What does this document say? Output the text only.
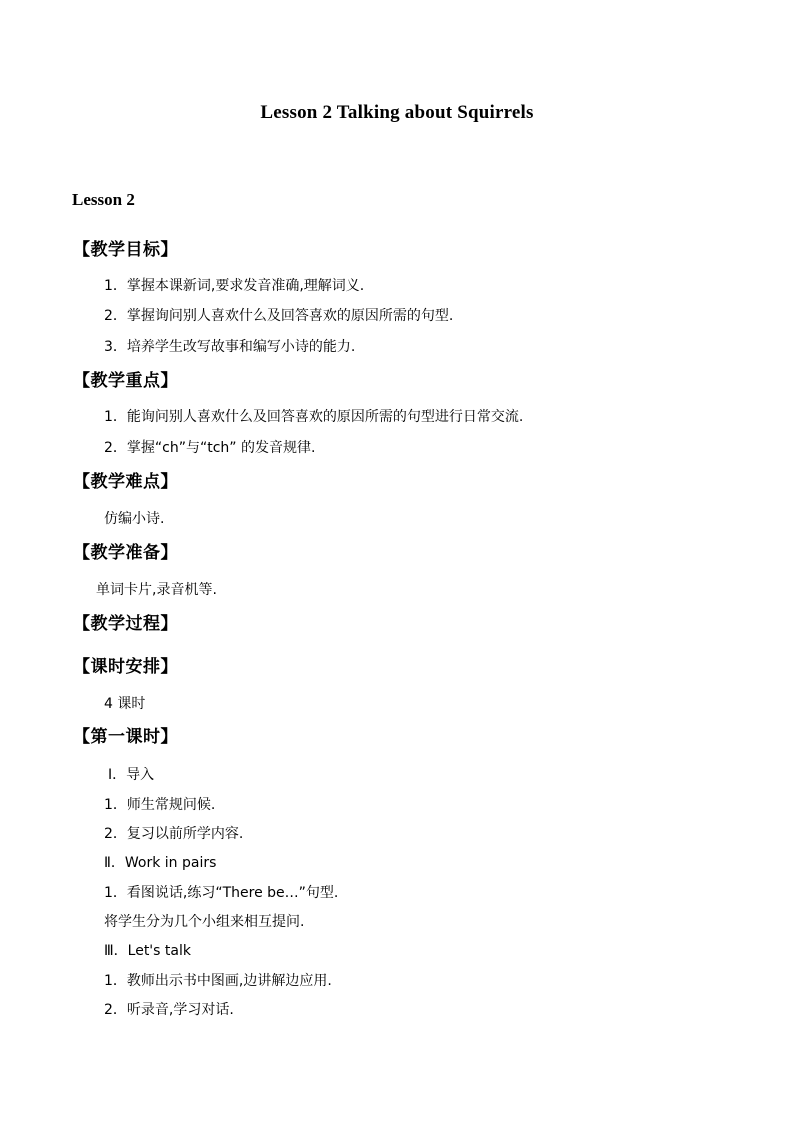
Lesson 2 Talking about Squirrels
Lesson 2
【教学目标】
1．掌握本课新词,要求发音准确,理解词义.
2．掌握询问别人喜欢什么及回答喜欢的原因所需的句型.
3．培养学生改写故事和编写小诗的能力.
【教学重点】
1．能询问别人喜欢什么及回答喜欢的原因所需的句型进行日常交流.
2．掌握“ch”与“tch” 的发音规律.
【教学难点】
仿编小诗.
【教学准备】
单词卡片,录音机等.
【教学过程】
【课时安排】
4 课时
【第一课时】
Ⅰ．导入
1．师生常规问候.
2．复习以前所学内容.
Ⅱ．Work in pairs
1．看图说话,练习“There be…”句型.
将学生分为几个小组来相互提问.
Ⅲ．Let's talk
1．教师出示书中图画,边讲解边应用.
2．听录音,学习对话.
